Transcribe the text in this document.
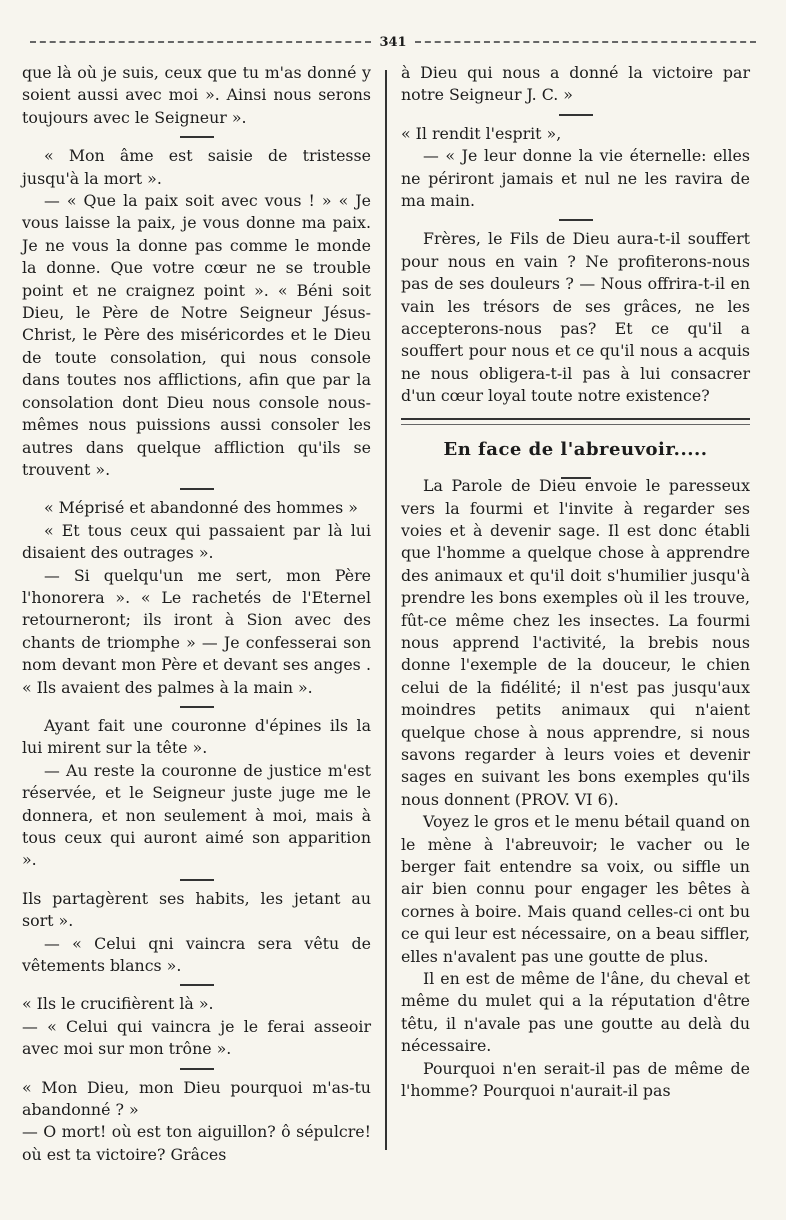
341

que là où je suis, ceux que tu m'as donné y soient aussi avec moi ». Ainsi nous serons toujours avec le Seigneur ».

« Mon âme est saisie de tristesse jusqu'à la mort ».

— « Que la paix soit avec vous ! » « Je vous laisse la paix, je vous donne ma paix. Je ne vous la donne pas comme le monde la donne. Que votre cœur ne se trouble point et ne craignez point ». « Béni soit Dieu, le Père de Notre Seigneur Jésus-Christ, le Père des miséricordes et le Dieu de toute consolation, qui nous console dans toutes nos afflictions, afin que par la consolation dont Dieu nous console nous-mêmes nous puissions aussi consoler les autres dans quelque affliction qu'ils se trouvent ».

« Méprisé et abandonné des hommes »

« Et tous ceux qui passaient par là lui disaient des outrages ».

— Si quelqu'un me sert, mon Père l'honorera ». « Le rachetés de l'Eternel retourneront; ils iront à Sion avec des chants de triomphe » — Je confesserai son nom devant mon Père et devant ses anges . « Ils avaient des palmes à la main ».

Ayant fait une couronne d'épines ils la lui mirent sur la tête ».

— Au reste la couronne de justice m'est réservée, et le Seigneur juste juge me le donnera, et non seulement à moi, mais à tous ceux qui auront aimé son apparition ».

Ils partagèrent ses habits, les jetant au sort ».

— « Celui qni vaincra sera vêtu de vêtements blancs ».

« Ils le crucifièrent là ».

— « Celui qui vaincra je le ferai asseoir avec moi sur mon trône ».

« Mon Dieu, mon Dieu pourquoi m'as-tu abandonné ? »

— O mort! où est ton aiguillon? ô sépulcre! où est ta victoire? Grâces

à Dieu qui nous a donné la victoire par notre Seigneur J. C. »

« Il rendit l'esprit »,

— « Je leur donne la vie éternelle: elles ne périront jamais et nul ne les ravira de ma main.

Frères, le Fils de Dieu aura-t-il souffert pour nous en vain ? Ne profiterons-nous pas de ses douleurs ? — Nous offrira-t-il en vain les trésors de ses grâces, ne les accepterons-nous pas? Et ce qu'il a souffert pour nous et ce qu'il nous a acquis ne nous obligera-t-il pas à lui consacrer d'un cœur loyal toute notre existence?

En face de l'abreuvoir.....

La Parole de Dieu envoie le paresseux vers la fourmi et l'invite à regarder ses voies et à devenir sage. Il est donc établi que l'homme a quelque chose à apprendre des animaux et qu'il doit s'humilier jusqu'à prendre les bons exemples où il les trouve, fût-ce même chez les insectes. La fourmi nous apprend l'activité, la brebis nous donne l'exemple de la douceur, le chien celui de la fidélité; il n'est pas jusqu'aux moindres petits animaux qui n'aient quelque chose à nous apprendre, si nous savons regarder à leurs voies et devenir sages en suivant les bons exemples qu'ils nous donnent (PROV. VI 6).

Voyez le gros et le menu bétail quand on le mène à l'abreuvoir; le vacher ou le berger fait entendre sa voix, ou siffle un air bien connu pour engager les bêtes à cornes à boire. Mais quand celles-ci ont bu ce qui leur est nécessaire, on a beau siffler, elles n'avalent pas une goutte de plus.

Il en est de même de l'âne, du cheval et même du mulet qui a la réputation d'être têtu, il n'avale pas une goutte au delà du nécessaire.

Pourquoi n'en serait-il pas de même de l'homme? Pourquoi n'aurait-il pas
